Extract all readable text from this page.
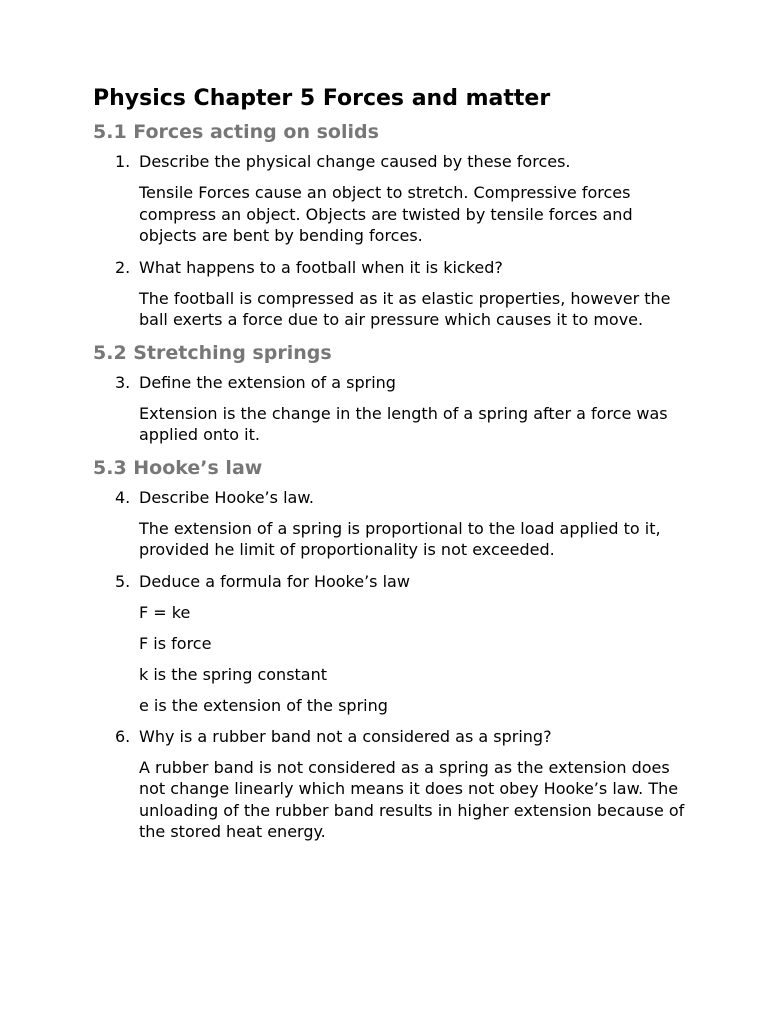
Physics Chapter 5 Forces and matter
5.1 Forces acting on solids
1. Describe the physical change caused by these forces.

Tensile Forces cause an object to stretch. Compressive forces compress an object. Objects are twisted by tensile forces and objects are bent by bending forces.

2. What happens to a football when it is kicked?

The football is compressed as it as elastic properties, however the ball exerts a force due to air pressure which causes it to move.

5.2 Stretching springs
3. Define the extension of a spring

Extension is the change in the length of a spring after a force was applied onto it.

5.3 Hooke’s law
4. Describe Hooke’s law.

The extension of a spring is proportional to the load applied to it, provided he limit of proportionality is not exceeded.

5. Deduce a formula for Hooke’s law

F = ke

F is force

k is the spring constant

e is the extension of the spring

6. Why is a rubber band not a considered as a spring?

A rubber band is not considered as a spring as the extension does not change linearly which means it does not obey Hooke’s law. The unloading of the rubber band results in higher extension because of the stored heat energy.
